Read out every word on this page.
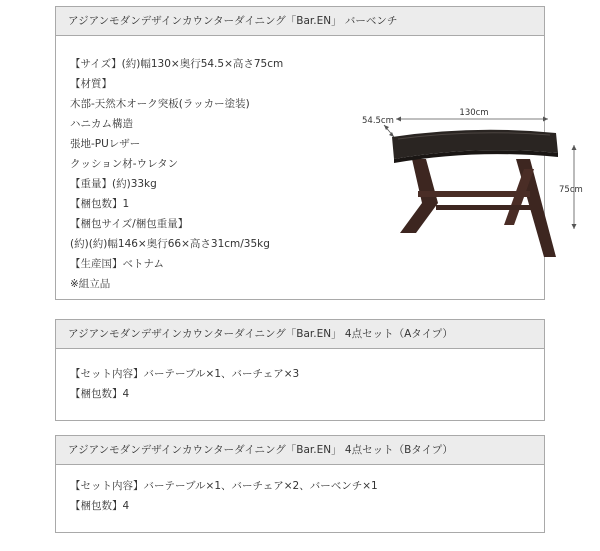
アジアンモダンデザインカウンターダイニング「Bar.EN」 バーベンチ
【サイズ】(約)幅130×奥行54.5×高さ75cm
【材質】
木部-天然木オーク突板(ラッカー塗装)
ハニカム構造
張地-PUレザー
クッション材-ウレタン
【重量】(約)33kg
【梱包数】1
【梱包サイズ/梱包重量】
(約)(約)幅146×奥行66×高さ31cm/35kg
【生産国】ベトナム
※組立品
130cm
54.5cm
75cm
アジアンモダンデザインカウンターダイニング「Bar.EN」 4点セット（Aタイプ）
【セット内容】バーテーブル×1、バーチェア×3
【梱包数】4
アジアンモダンデザインカウンターダイニング「Bar.EN」 4点セット（Bタイプ）
【セット内容】バーテーブル×1、バーチェア×2、バーベンチ×1
【梱包数】4
